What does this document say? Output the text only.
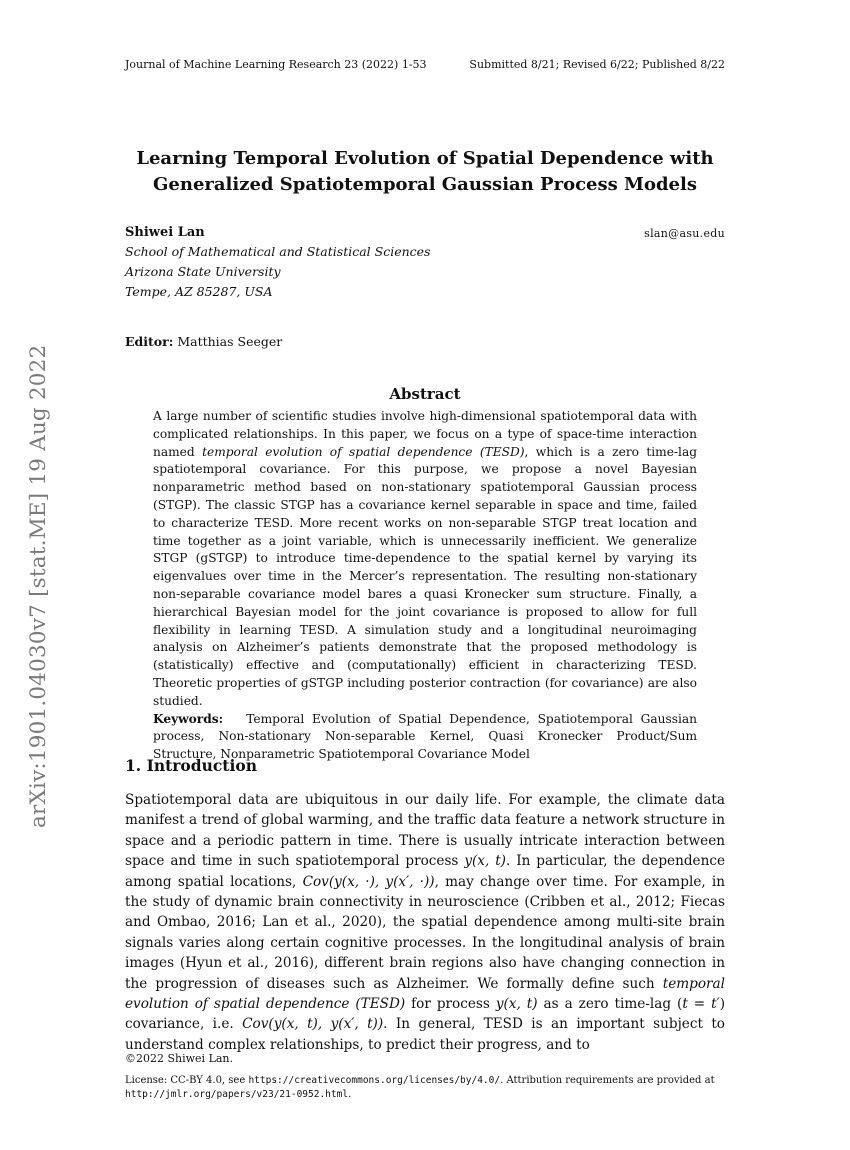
Journal of Machine Learning Research 23 (2022) 1-53	Submitted 8/21; Revised 6/22; Published 8/22
arXiv:1901.04030v7 [stat.ME] 19 Aug 2022
Learning Temporal Evolution of Spatial Dependence with
Generalized Spatiotemporal Gaussian Process Models
Shiwei Lan	slan@asu.edu
School of Mathematical and Statistical Sciences
Arizona State University
Tempe, AZ 85287, USA
Editor: Matthias Seeger
Abstract

A large number of scientific studies involve high-dimensional spatiotemporal data with complicated relationships. In this paper, we focus on a type of space-time interaction named temporal evolution of spatial dependence (TESD), which is a zero time-lag spatiotemporal covariance. For this purpose, we propose a novel Bayesian nonparametric method based on non-stationary spatiotemporal Gaussian process (STGP). The classic STGP has a covariance kernel separable in space and time, failed to characterize TESD. More recent works on non-separable STGP treat location and time together as a joint variable, which is unnecessarily inefficient. We generalize STGP (gSTGP) to introduce time-dependence to the spatial kernel by varying its eigenvalues over time in the Mercer’s representation. The resulting non-stationary non-separable covariance model bares a quasi Kronecker sum structure. Finally, a hierarchical Bayesian model for the joint covariance is proposed to allow for full flexibility in learning TESD. A simulation study and a longitudinal neuroimaging analysis on Alzheimer’s patients demonstrate that the proposed methodology is (statistically) effective and (computationally) efficient in characterizing TESD. Theoretic properties of gSTGP including posterior contraction (for covariance) are also studied.

Keywords: Temporal Evolution of Spatial Dependence, Spatiotemporal Gaussian process, Non-stationary Non-separable Kernel, Quasi Kronecker Product/Sum Structure, Nonparametric Spatiotemporal Covariance Model

1. Introduction
Spatiotemporal data are ubiquitous in our daily life. For example, the climate data manifest a trend of global warming, and the traffic data feature a network structure in space and a periodic pattern in time. There is usually intricate interaction between space and time in such spatiotemporal process y(x, t). In particular, the dependence among spatial locations, Cov(y(x, ·), y(x′, ·)), may change over time. For example, in the study of dynamic brain connectivity in neuroscience (Cribben et al., 2012; Fiecas and Ombao, 2016; Lan et al., 2020), the spatial dependence among multi-site brain signals varies along certain cognitive processes. In the longitudinal analysis of brain images (Hyun et al., 2016), different brain regions also have changing connection in the progression of diseases such as Alzheimer. We formally define such temporal evolution of spatial dependence (TESD) for process y(x, t) as a zero time-lag (t = t′) covariance, i.e. Cov(y(x, t), y(x′, t)). In general, TESD is an important subject to understand complex relationships, to predict their progress, and to
©2022 Shiwei Lan.
License: CC-BY 4.0, see https://creativecommons.org/licenses/by/4.0/. Attribution requirements are provided at http://jmlr.org/papers/v23/21-0952.html.
